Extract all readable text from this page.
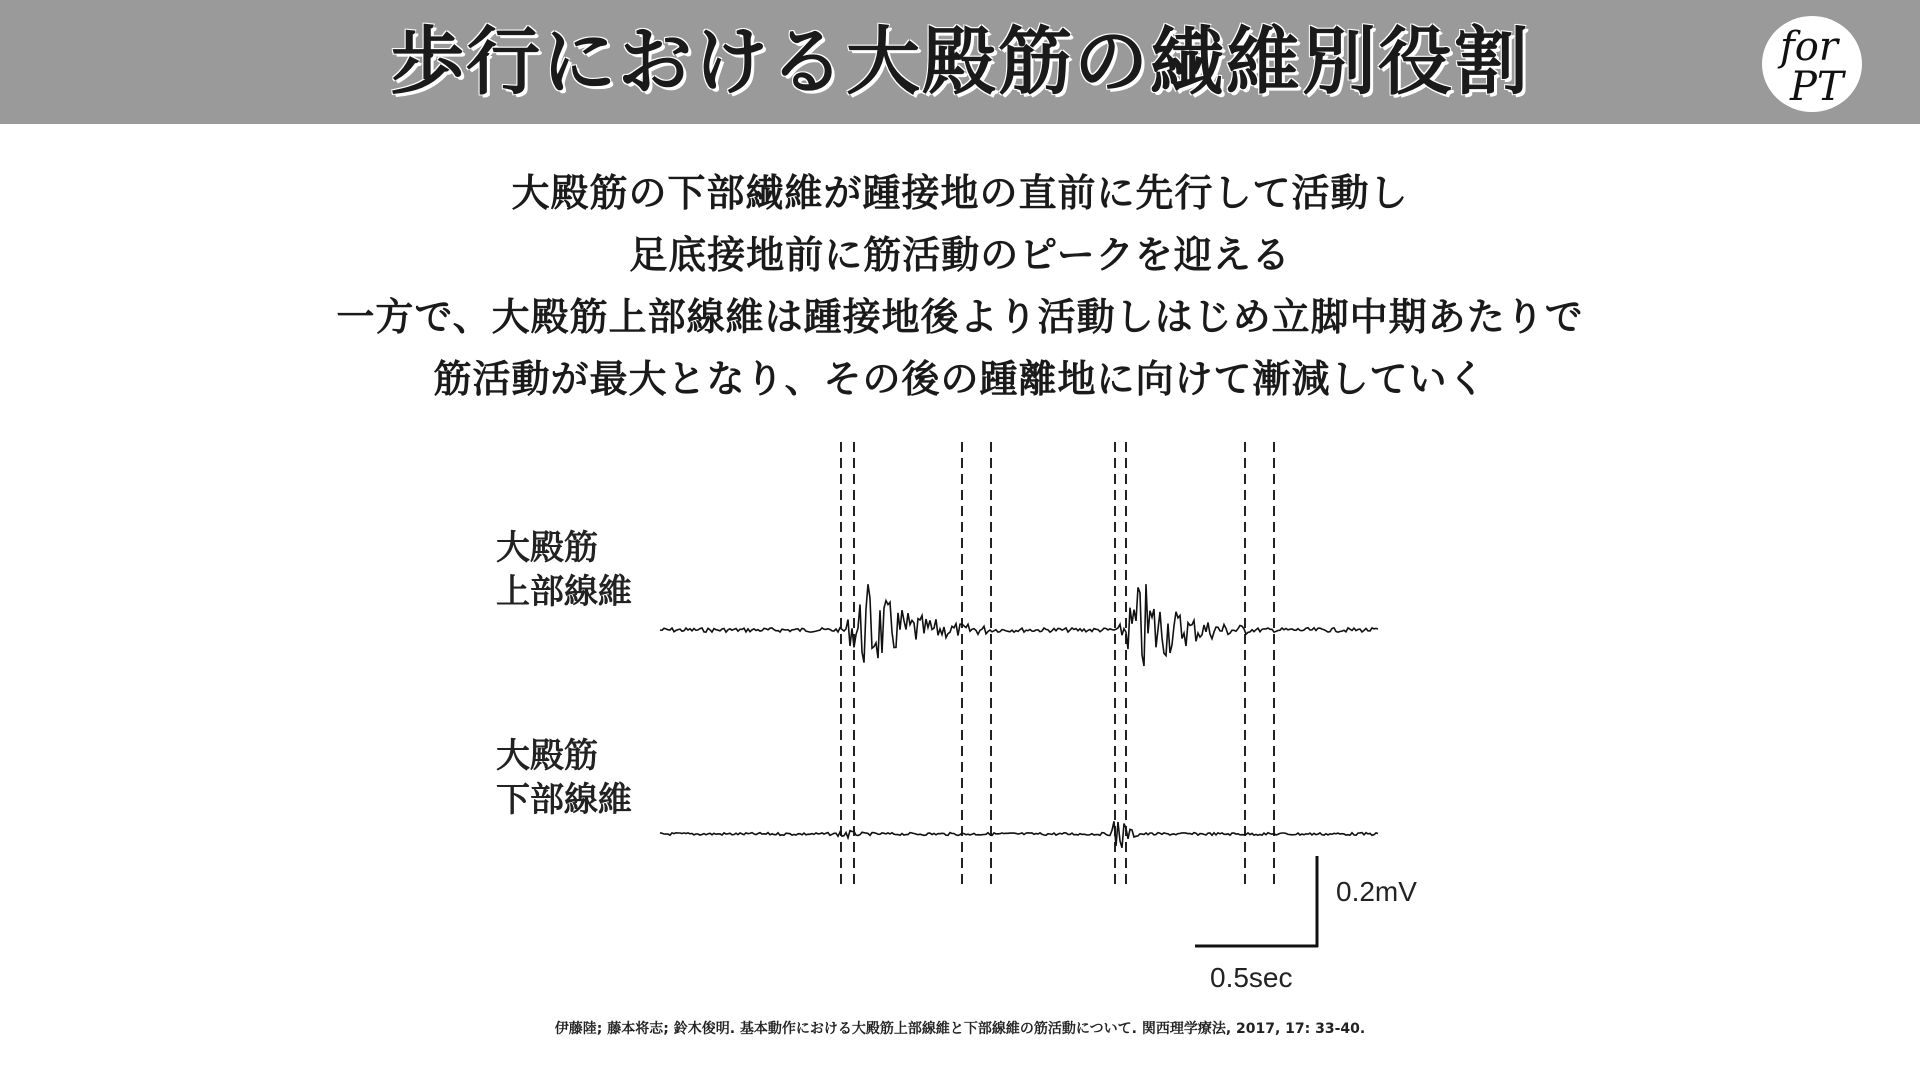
歩行における大殿筋の繊維別役割	for
PT
大殿筋の下部繊維が踵接地の直前に先行して活動し
足底接地前に筋活動のピークを迎える
一方で、大殿筋上部線維は踵接地後より活動しはじめ立脚中期あたりで
筋活動が最大となり、その後の踵離地に向けて漸減していく
大殿筋
上部線維
大殿筋
下部線維
0.2mV
0.5sec
伊藤陸; 藤本将志; 鈴木俊明. 基本動作における大殿筋上部線維と下部線維の筋活動について. 関西理学療法, 2017, 17: 33-40.
